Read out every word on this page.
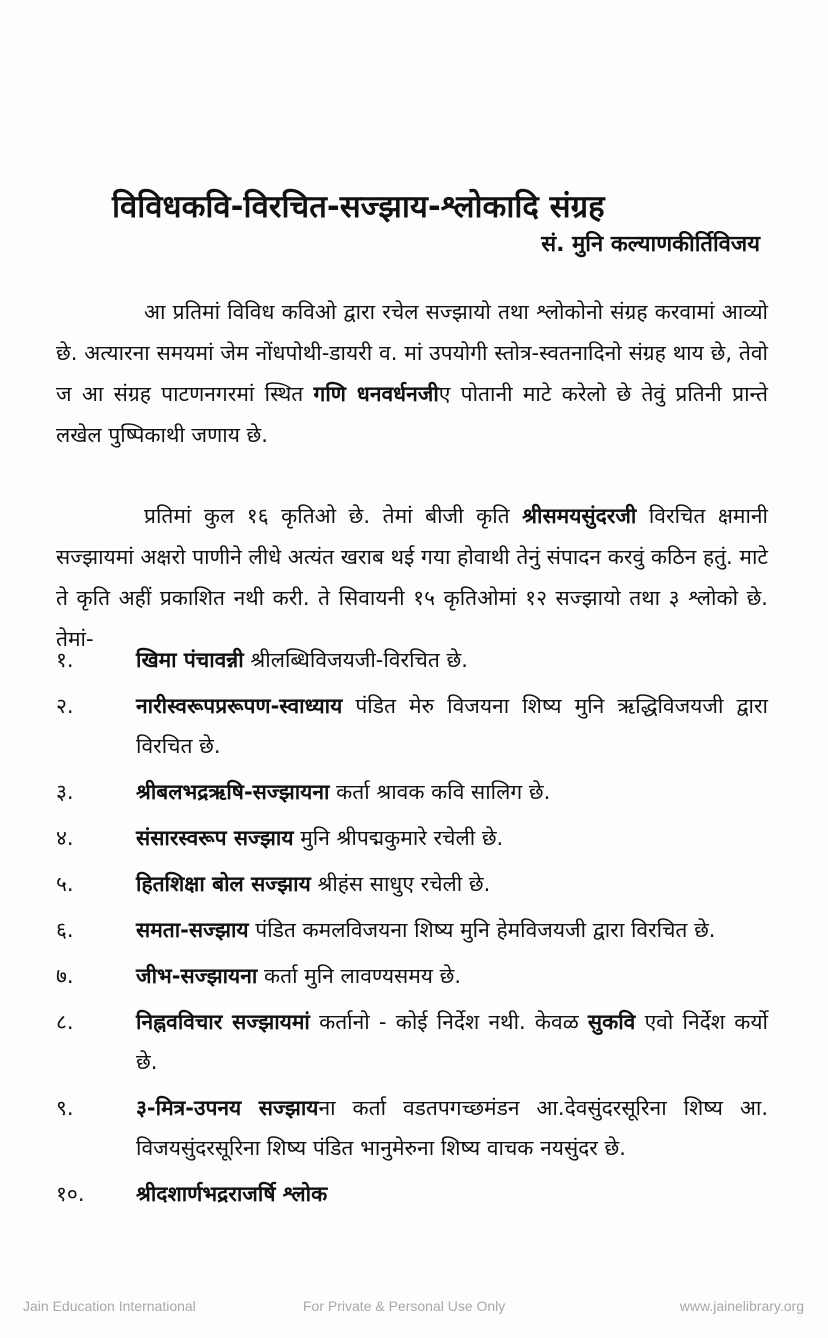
विविधकवि-विरचित-सज्झाय-श्लोकादि संग्रह
सं. मुनि कल्याणकीर्तिविजय

आ प्रतिमां विविध कविओ द्वारा रचेल सज्झायो तथा श्लोकोनो संग्रह करवामां आव्यो छे. अत्यारना समयमां जेम नोंधपोथी-डायरी व. मां उपयोगी स्तोत्र-स्वतनादिनो संग्रह थाय छे, तेवो ज आ संग्रह पाटणनगरमां स्थित गणि धनवर्धनजीए पोतानी माटे करेलो छे तेवुं प्रतिनी प्रान्ते लखेल पुष्पिकाथी जणाय छे.

प्रतिमां कुल १६ कृतिओ छे. तेमां बीजी कृति श्रीसमयसुंदरजी विरचित क्षमानी सज्झायमां अक्षरो पाणीने लीधे अत्यंत खराब थई गया होवाथी तेनुं संपादन करवुं कठिन हतुं. माटे ते कृति अहीं प्रकाशित नथी करी. ते सिवायनी १५ कृतिओमां १२ सज्झायो तथा ३ श्लोको छे. तेमां-

१.	खिमा पंचावन्नी श्रीलब्धिविजयजी-विरचित छे.
२.	नारीस्वरूपप्ररूपण-स्वाध्याय पंडित मेरु विजयना शिष्य मुनि ऋद्धिविजयजी द्वारा विरचित छे.
३.	श्रीबलभद्रऋषि-सज्झायना कर्ता श्रावक कवि सालिग छे.
४.	संसारस्वरूप सज्झाय मुनि श्रीपद्मकुमारे रचेली छे.
५.	हितशिक्षा बोल सज्झाय श्रीहंस साधुए रचेली छे.
६.	समता-सज्झाय पंडित कमलविजयना शिष्य मुनि हेमविजयजी द्वारा विरचित छे.
७.	जीभ-सज्झायना कर्ता मुनि लावण्यसमय छे.
८.	निह्नवविचार सज्झायमां कर्तानो - कोई निर्देश नथी. केवळ सुकवि एवो निर्देश कर्यो छे.
९.	३-मित्र-उपनय सज्झायना कर्ता वडतपगच्छमंडन आ.देवसुंदरसूरिना शिष्य आ. विजयसुंदरसूरिना शिष्य पंडित भानुमेरुना शिष्य वाचक नयसुंदर छे.
१०.	श्रीदशार्णभद्रराजर्षि श्लोक
Jain Education International	For Private & Personal Use Only	www.jainelibrary.org
